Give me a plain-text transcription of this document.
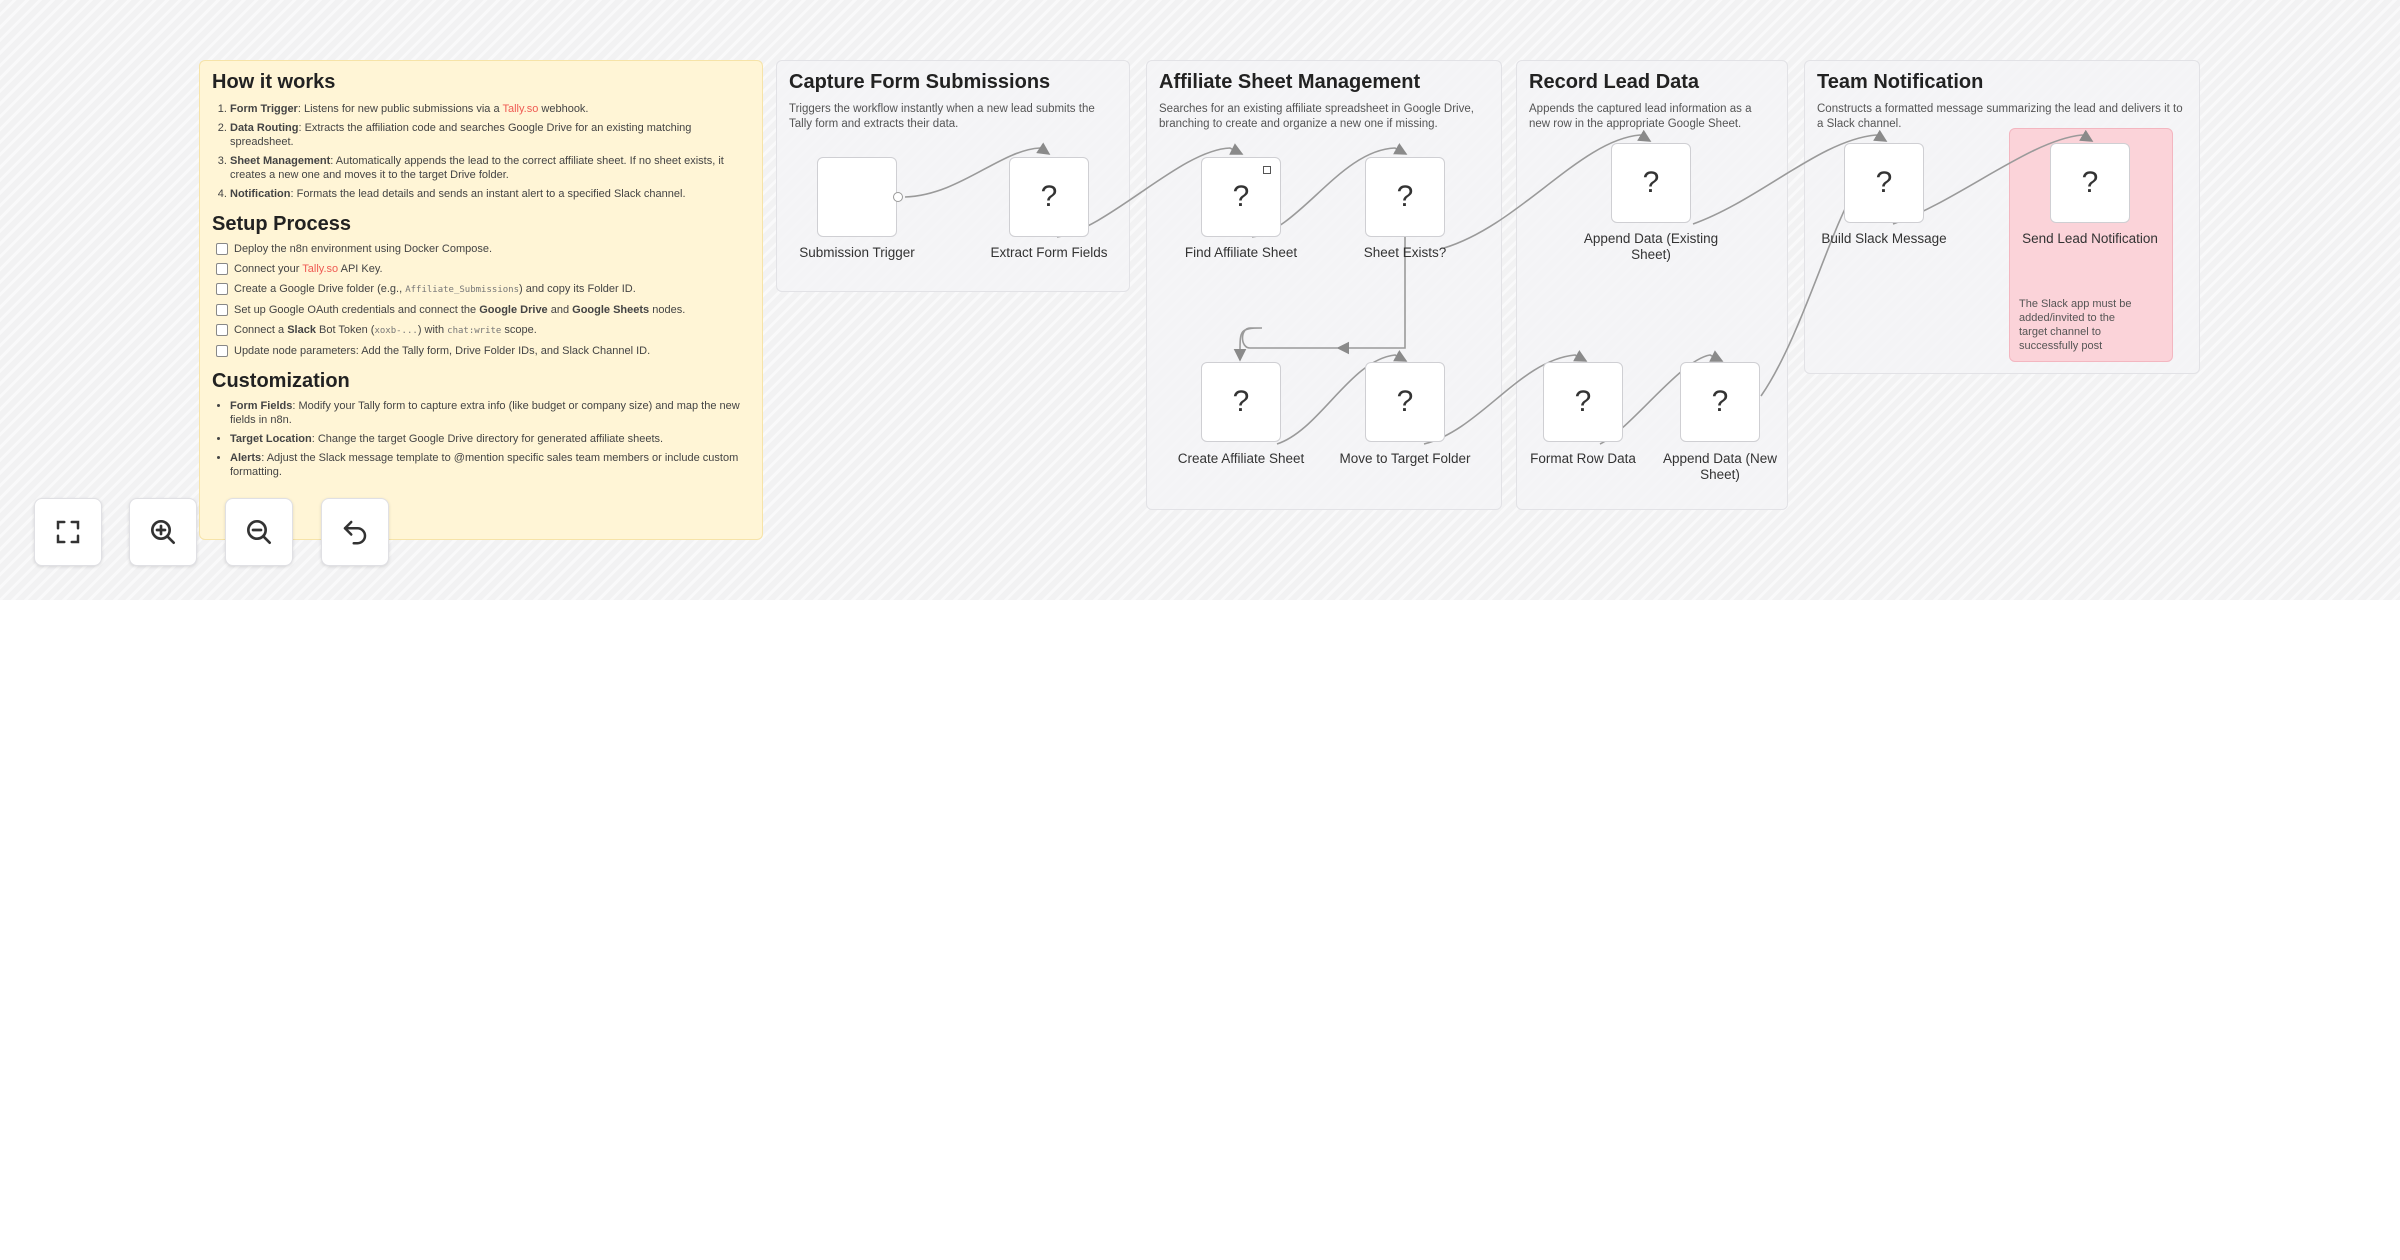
How it works
1. Form Trigger: Listens for new public submissions via a Tally.so webhook.
2. Data Routing: Extracts the affiliation code and searches Google Drive for an existing matching spreadsheet.
3. Sheet Management: Automatically appends the lead to the correct affiliate sheet. If no sheet exists, it creates a new one and moves it to the target Drive folder.
4. Notification: Formats the lead details and sends an instant alert to a specified Slack channel.
Setup Process
Deploy the n8n environment using Docker Compose.
Connect your Tally.so API Key.
Create a Google Drive folder (e.g., Affiliate_Submissions) and copy its Folder ID.
Set up Google OAuth credentials and connect the Google Drive and Google Sheets nodes.
Connect a Slack Bot Token (xoxb-...) with chat:write scope.
Update node parameters: Add the Tally form, Drive Folder IDs, and Slack Channel ID.
Customization
• Form Fields: Modify your Tally form to capture extra info (like budget or company size) and map the new fields in n8n.
• Target Location: Change the target Google Drive directory for generated affiliate sheets.
• Alerts: Adjust the Slack message template to @mention specific sales team members or include custom formatting.
Capture Form Submissions
Triggers the workflow instantly when a new lead submits the Tally form and extracts their data.
Affiliate Sheet Management
Searches for an existing affiliate spreadsheet in Google Drive, branching to create and organize a new one if missing.
Record Lead Data
Appends the captured lead information as a new row in the appropriate Google Sheet.
Team Notification
Constructs a formatted message summarizing the lead and delivers it to a Slack channel.
The Slack app must be added/invited to the target channel to successfully post
Submission Trigger
?
Extract Form Fields
?
Find Affiliate Sheet
?
Sheet Exists?
?
Create Affiliate Sheet
?
Move to Target Folder
?
Append Data (Existing Sheet)
?
Format Row Data
?
Append Data (New Sheet)
?
Build Slack Message
?
Send Lead Notification
